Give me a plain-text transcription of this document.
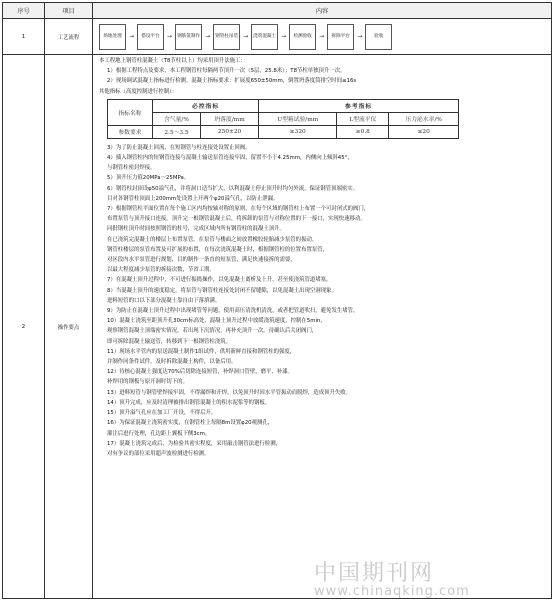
序号	项目	内容
1	工艺流程	场地处理	→	搭设平台	→	钢筋笼制作 →	钢管柱吊装 →	浇筑混凝土 →	检测验收	→	拆除平台	→	验收

2	操作要点	
本工程地上钢管柱混凝土（T8节柱以上）均采用顶升法施工：
1）根据工程特点及要求，本工程钢管柱每隔两节顶升一次（5层，25.8米）；T8节柱单独顶升一次。
2）现场调试混凝土指标进行检测。混凝土指标要求：扩展度650±50mm，倒置坍落度筒排空时间≤16s
其他指标（高度控制进行控制）：
指标名称	必控指标	参考指标
含气量/%	坍落度/mm	U型箱试验/mm	L型流平仪	压力泌水率/%
参数要求	2.5～3.5	250±20	≥320	≥0.8	≤20
3）为了防止混凝土回流，在短钢管与柱连接处设置止回阀。
4）插入钢管柱内的短钢管连接与混凝土输送泵管连接牢固，留置不小于4.25mm，内侧向上倾斜45°，
与钢管柱密封焊接。
5）顶升压力值20MPa～25MPa。
6）钢管柱封顶设φ50溢气孔，并将洞口适当扩大，以利混凝土停止顶升时均匀外流，保证钢管顶端密实。
目对各钢管柱顶面上200mm处设置上开两个φ20溢气孔，以防止泄漏。
7）根据钢管柱平面位置在每个施工区内均按轴对称的原则，在每个区域的钢管柱上布置一个可封闭式的阀门，
布置泵管与顶升接口连接。顶升完一根钢管混凝土后，将拆卸的泵管与对称位置的下一接口，实现快速移动。
同批钢柱顶升时间按照钢管的柱号，完成区域内所有钢管柱的混凝土顶升。
在已浇筑完混凝土的楼层上布置泵管。在泵管与楼面之间放置橡胶轮胎减少泵管的振动。
钢管柱楼层的泵管布置及可扩展的布置，在每次浇筑混凝土时，根据钢管柱的位置布置泵管，
对区段内水平泵管进行规划，目的制作一条直的短泵管，满足快速接拆的需要，
以最大程度减少泵管的拆接次数，节省工期。
7）在混凝土顶升过程中，不可进行振捣操作，以免混凝土离析及上升，甚至使浇筑管道堵塞。
8）当混凝土顶升的速度稳定，将泵管与钢管柱连接处封闭不留缝隙，以免混凝土出现空洞现象。
进料短管的口以下部分混凝土靠自由下落填满。
9）为防止在混凝土顶升过程中出现堵管等问题，使用高压清洗机清洗，或者把管道吹扫，避免发生堵管。
10）混凝土浇筑至距顶升孔30cm标高处，混凝土顶升过程中放缓浇筑速度，控制在5min，
观察钢管混凝土顶端密实情况，若出现下沉情况，再补充顶升一次。待确认后关闭阀门，
即可拆除混凝土输送管，转移到下一根钢管柱浇筑。
11）现场水平管内的泵送混凝土制作1组试件，供用新鲜直接和钢管柱的强度，
并制作同条件试件，及时拆除混凝土构件，以备后用。
12）待核心混凝土强度达70%后切除连接短管，补焊洞口管壁，磨平、补漆。
补焊用的钢板与原开洞时切下的。
13）进料短管与钢管壁焊接牢固，不得漏焊和开焊，以免顶升时因水平管振动而脱焊，造成顶升失败。
14）顶升完成，应及时清理被排出钢管混凝土的积水泥浆等的钢板。
15）顶升溢气孔应在加工厂开设，不得后开。
16）为保证混凝土浇筑密实度，在钢管柱上每隔8m设置φ20观测孔，
灌注后进行处理，孔边距上翼板下侧3cm。
17）混凝土浇筑完成后，为检验其密实程度，采用敲击钢管法进行检测，
对有争议的部位采用超声波检测进行检测。
中国期刊网
www.chinaqking.com
